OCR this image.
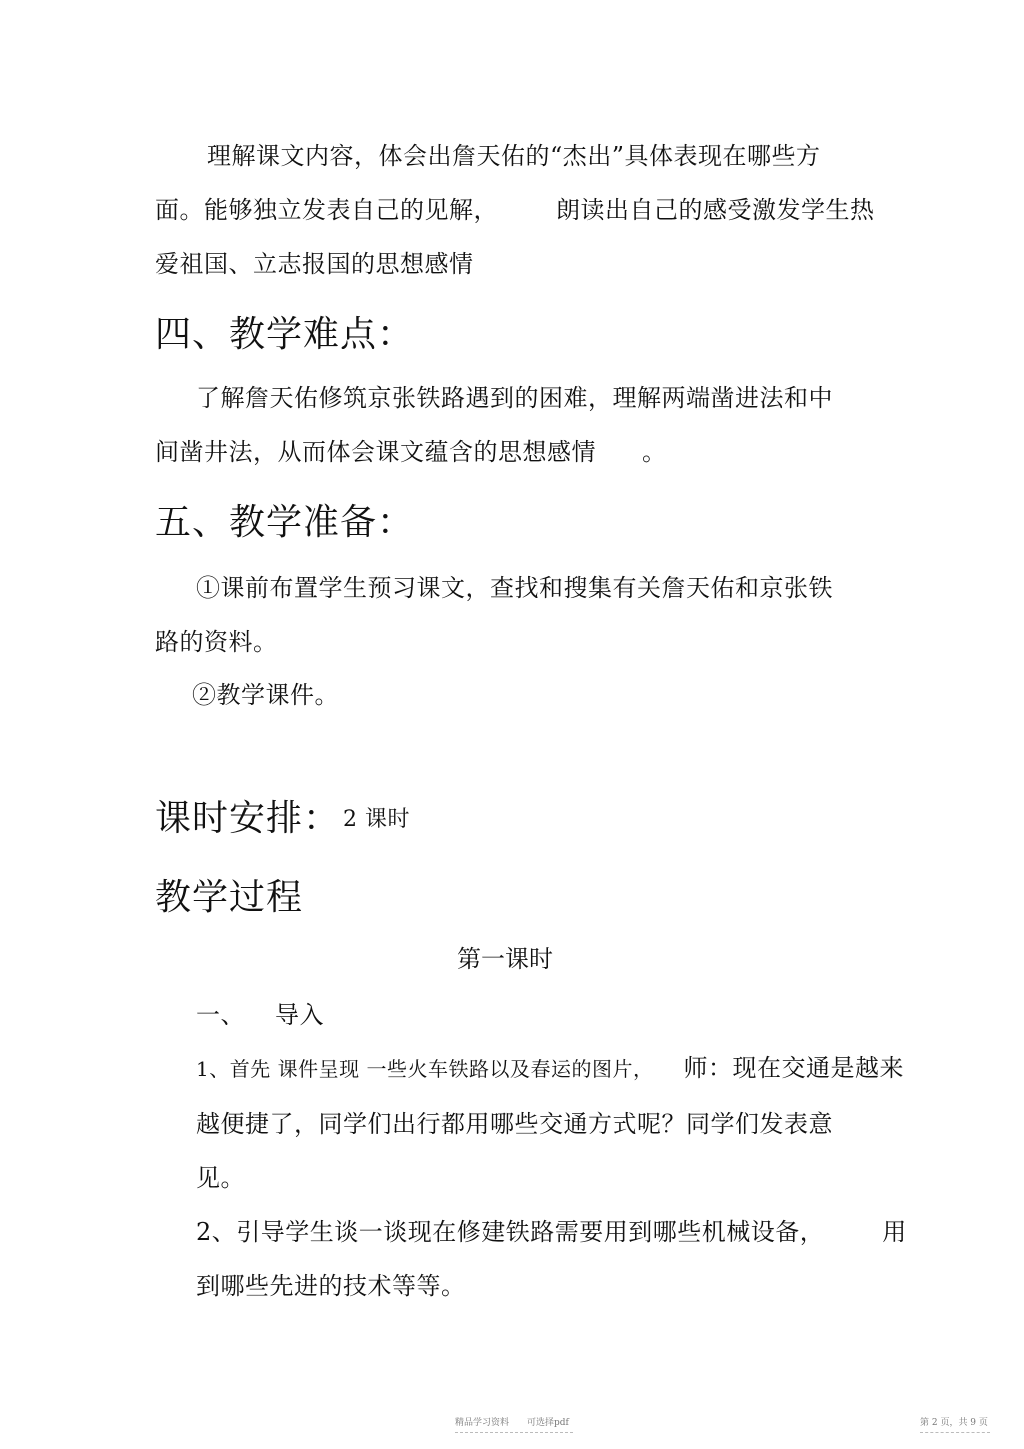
理解课文内容，体会出詹天佑的“杰出”具体表现在哪些方
面。能够独立发表自己的见解， 朗读出自己的感受激发学生热
爱祖国、立志报国的思想感情
四、教学难点：
了解詹天佑修筑京张铁路遇到的困难，理解两端凿进法和中
间凿井法，从而体会课文蕴含的思想感情 。
五、教学准备：
①课前布置学生预习课文，查找和搜集有关詹天佑和京张铁
路的资料。
②教学课件。
课时安排： 2 课时
教学过程
第一课时
一、 导入
1、首先 课件呈现 一些火车铁路以及春运的图片， 师：现在交通是越来
越便捷了，同学们出行都用哪些交通方式呢？同学们发表意
见。
2、引导学生谈一谈现在修建铁路需要用到哪些机械设备， 用
到哪些先进的技术等等。
精品学习资料　　可选择pdf	第 2 页，共 9 页
